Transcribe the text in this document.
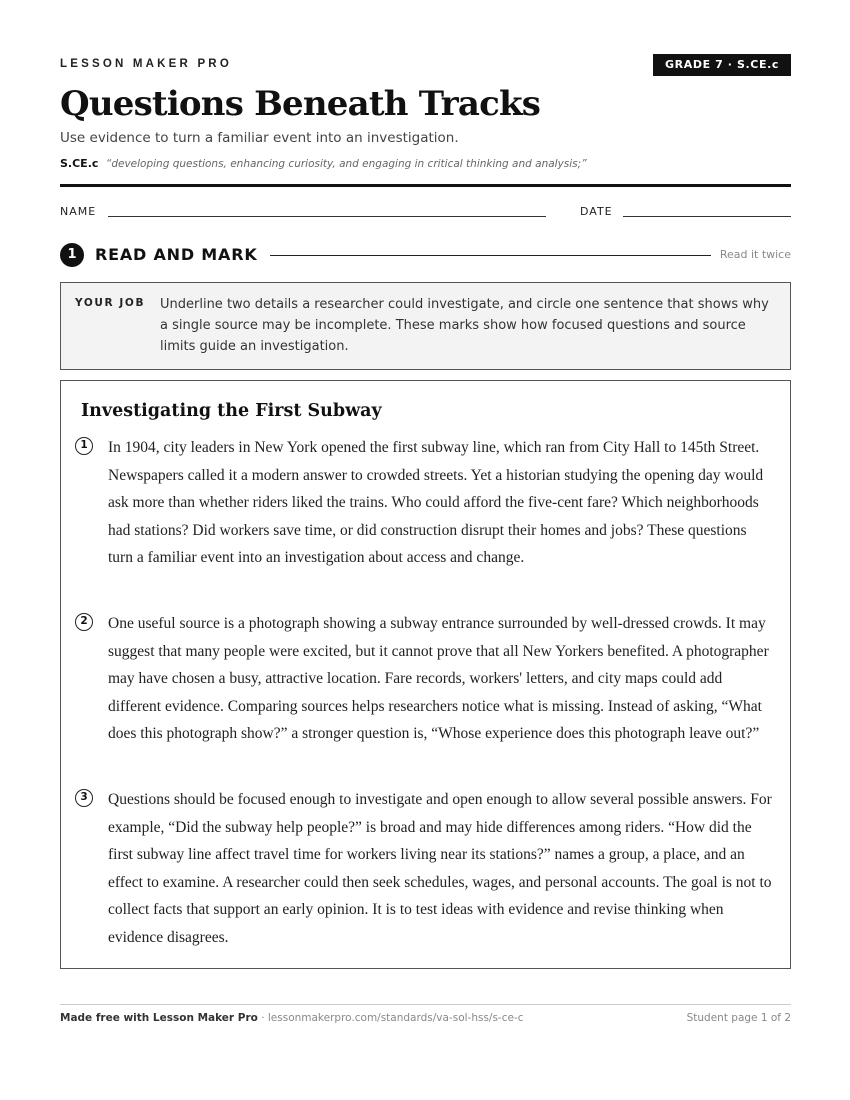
LESSON MAKER PRO	GRADE 7 · S.CE.c
Questions Beneath Tracks
Use evidence to turn a familiar event into an investigation.
S.CE.c “developing questions, enhancing curiosity, and engaging in critical thinking and analysis;”
NAME	DATE
1	READ AND MARK	Read it twice
YOUR JOB Underline two details a researcher could investigate, and circle one sentence that shows why a single source may be incomplete. These marks show how focused questions and source limits guide an investigation.
Investigating the First Subway
1	In 1904, city leaders in New York opened the first subway line, which ran from City Hall to 145th Street. Newspapers called it a modern answer to crowded streets. Yet a historian studying the opening day would ask more than whether riders liked the trains. Who could afford the five-cent fare? Which neighborhoods had stations? Did workers save time, or did construction disrupt their homes and jobs? These questions turn a familiar event into an investigation about access and change.

2	One useful source is a photograph showing a subway entrance surrounded by well-dressed crowds. It may suggest that many people were excited, but it cannot prove that all New Yorkers benefited. A photographer may have chosen a busy, attractive location. Fare records, workers' letters, and city maps could add different evidence. Comparing sources helps researchers notice what is missing. Instead of asking, “What does this photograph show?” a stronger question is, “Whose experience does this photograph leave out?”

3	Questions should be focused enough to investigate and open enough to allow several possible answers. For example, “Did the subway help people?” is broad and may hide differences among riders. “How did the first subway line affect travel time for workers living near its stations?” names a group, a place, and an effect to examine. A researcher could then seek schedules, wages, and personal accounts. The goal is not to collect facts that support an early opinion. It is to test ideas with evidence and revise thinking when evidence disagrees.

Made free with Lesson Maker Pro · lessonmakerpro.com/standards/va-sol-hss/s-ce-c	Student page 1 of 2
